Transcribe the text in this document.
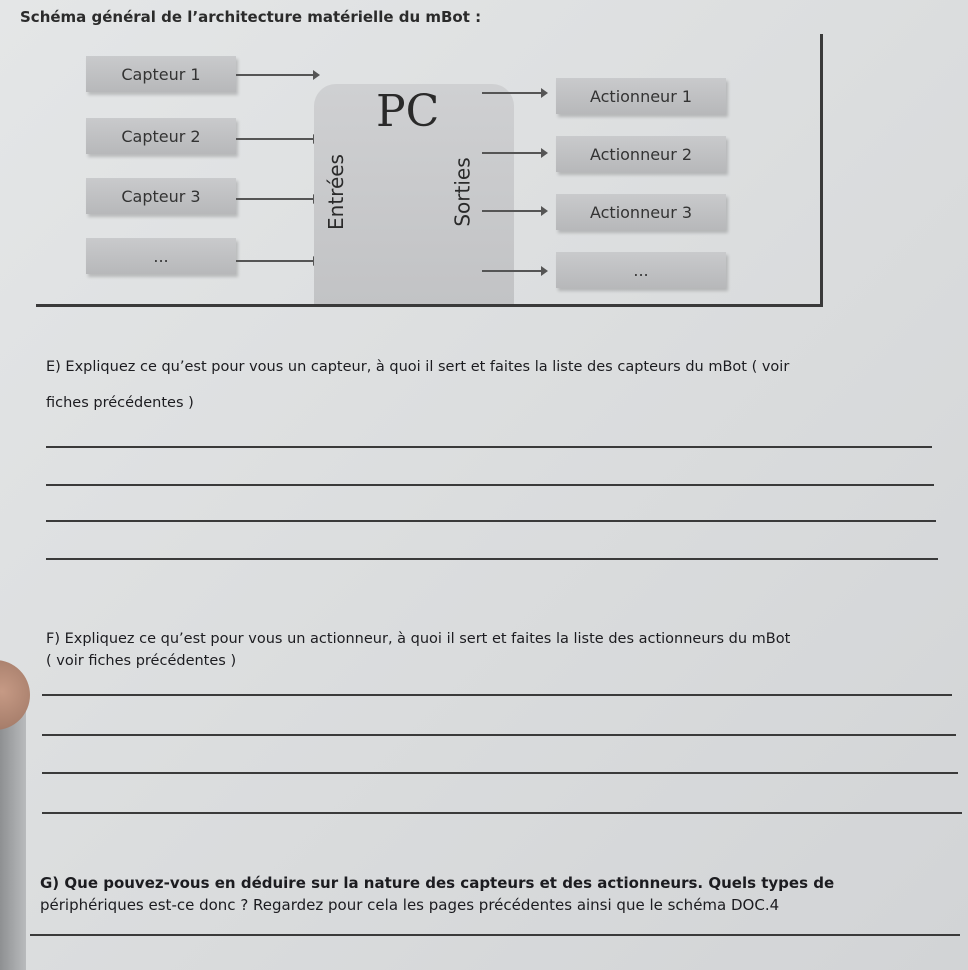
Schéma général de l’architecture matérielle du mBot :
Capteur 1
Capteur 2
Capteur 3
...
PC
Entrées	Sorties
Actionneur 1
Actionneur 2
Actionneur 3
...
E) Expliquez ce qu’est pour vous un capteur, à quoi il sert et faites la liste des capteurs du mBot ( voir
fiches précédentes )
F) Expliquez ce qu’est pour vous un actionneur, à quoi il sert et faites la liste des actionneurs du mBot
( voir fiches précédentes )
G) Que pouvez-vous en déduire sur la nature des capteurs et des actionneurs. Quels types de
périphériques est-ce donc ? Regardez pour cela les pages précédentes ainsi que le schéma DOC.4
